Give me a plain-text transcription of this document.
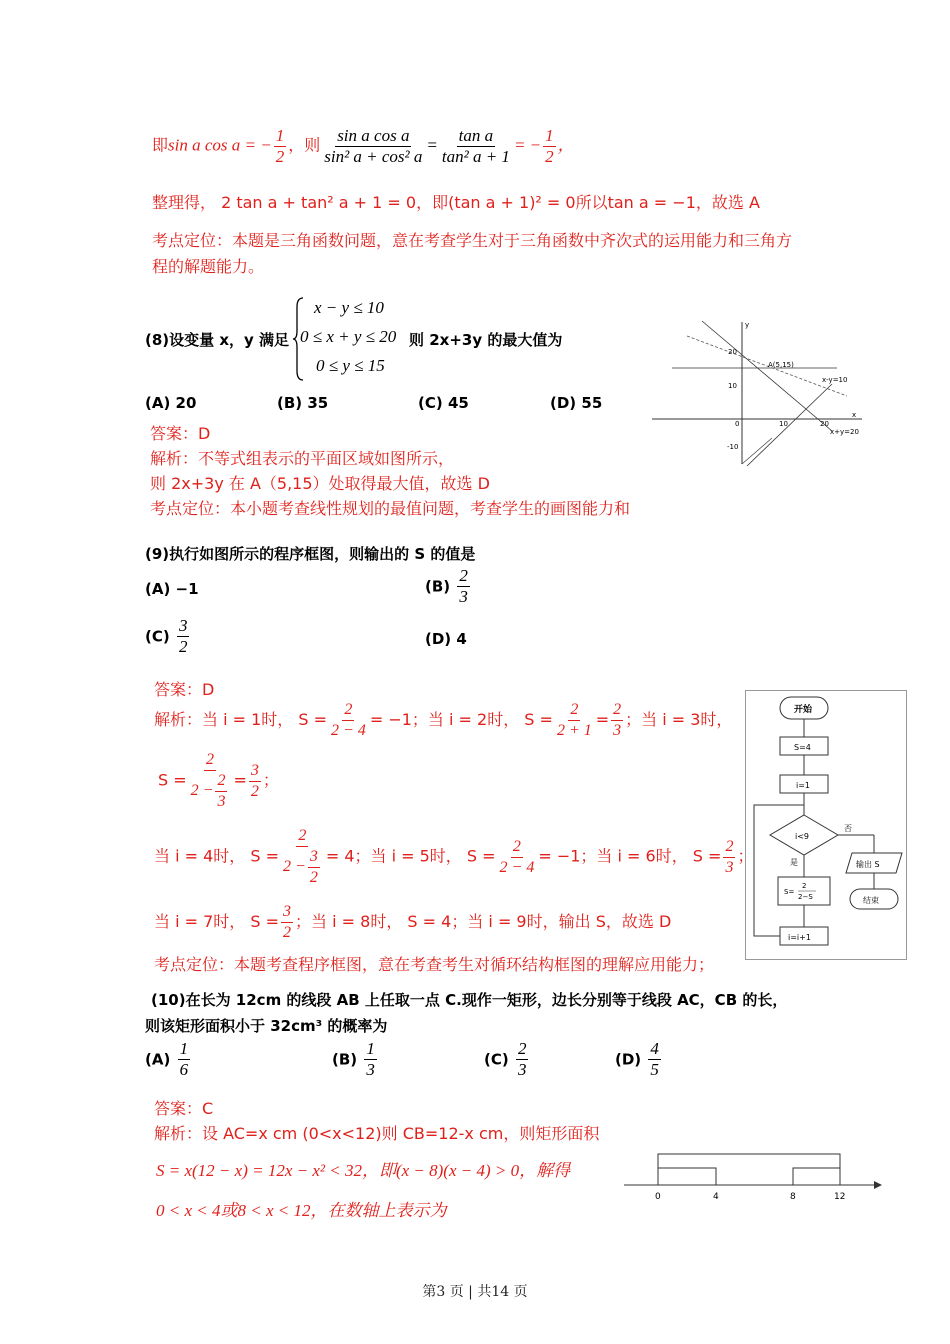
即sin a cos a = − $\frac{1}{2}$ ，则 $\frac{\text{sin a cos a}}{\text{sin² a + cos² a}} = \frac{\text{tan a}}{\text{tan² a + 1}}$ = − $\frac{1}{2}$ ，
整理得， 2 tan a + tan² a + 1 = 0，即(tan a + 1)² = 0所以tan a = −1，故选 A
考点定位：本题是三角函数问题，意在考查学生对于三角函数中齐次式的运用能力和三角方
程的解题能力。
(8)设变量 x，y 满足
x − y ≤ 10
0 ≤ x + y ≤ 20
0 ≤ y ≤ 15
则 2x+3y 的最大值为
(A) 20	(B) 35	(C) 45	(D) 55
答案：D
解析：不等式组表示的平面区域如图所示，
则 2x+3y 在 A（5,15）处取得最大值，故选 D
考点定位：本小题考查线性规划的最值问题，考查学生的画图能力和
y
x
20
10
0
-10
10	20
A(5,15)
x-y=10
x+y=20
(9)执行如图所示的程序框图，则输出的 S 的值是
(A) −1	$(B) \frac{2}{3}$
$(C) \frac{3}{2}$	(D) 4
答案：D
解析：当 i = 1时， $S = \frac{2}{2 - 4} = -1$；当 i = 2时， $S = \frac{2}{2 + 1} = \frac{2}{3}$ ；当 i = 3时，
$S = \frac{2}{2 - \frac{2}{3}} = \frac{3}{2}$ ；
当 i = 4时， $S = \frac{2}{2 - \frac{3}{2}} = 4$；当 i = 5时， $S = \frac{2}{2 - 4} = -1$；当 i = 6时， $S = \frac{2}{3}$ ；
当 i = 7时， $S = \frac{3}{2}$ ；当 i = 8时， S = 4；当 i = 9时，输出 S，故选 D
考点定位：本题考查程序框图，意在考查考生对循环结构框图的理解应用能力；
开始
S=4
i=1
i<9
否
是	输出 S
结束
S=
2
2−S
i=i+1
(10)在长为 12cm 的线段 AB 上任取一点 C.现作一矩形，边长分别等于线段 AC，CB 的长，
则该矩形面积小于 32cm³ 的概率为
$(A) \frac{1}{6}$	$(B) \frac{1}{3}$	$(C) \frac{2}{3}$	$(D) \frac{4}{5}$
答案：C
解析：设 AC=x cm (0<x<12)则 CB=12-x cm，则矩形面积
S = x(12 − x) = 12x − x² < 32，即(x − 8)(x − 4) > 0，解得
0 < x < 4或8 < x < 12，在数轴上表示为
0	4	8	12
第3 页 | 共14 页
